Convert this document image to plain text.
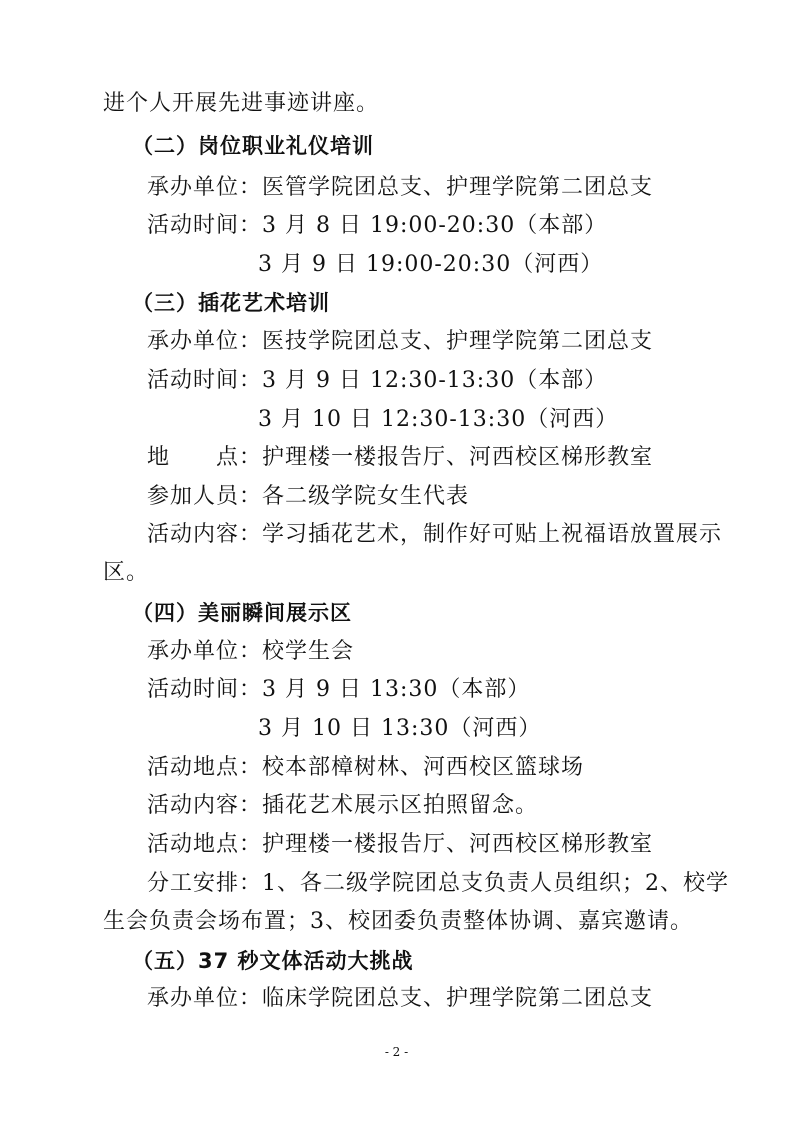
进个人开展先进事迹讲座。
（二）岗位职业礼仪培训
承办单位：医管学院团总支、护理学院第二团总支
活动时间：3 月 8 日 19:00-20:30（本部）
3 月 9 日 19:00-20:30（河西）
（三）插花艺术培训
承办单位：医技学院团总支、护理学院第二团总支
活动时间：3 月 9 日 12:30-13:30（本部）
3 月 10 日 12:30-13:30（河西）
地　　点：护理楼一楼报告厅、河西校区梯形教室
参加人员：各二级学院女生代表
活动内容：学习插花艺术，制作好可贴上祝福语放置展示
区。
（四）美丽瞬间展示区
承办单位：校学生会
活动时间：3 月 9 日 13:30（本部）
3 月 10 日 13:30（河西）
活动地点：校本部樟树林、河西校区篮球场
活动内容：插花艺术展示区拍照留念。
活动地点：护理楼一楼报告厅、河西校区梯形教室
分工安排：1、各二级学院团总支负责人员组织；2、校学
生会负责会场布置；3、校团委负责整体协调、嘉宾邀请。
（五）37 秒文体活动大挑战
承办单位：临床学院团总支、护理学院第二团总支
- 2 -
